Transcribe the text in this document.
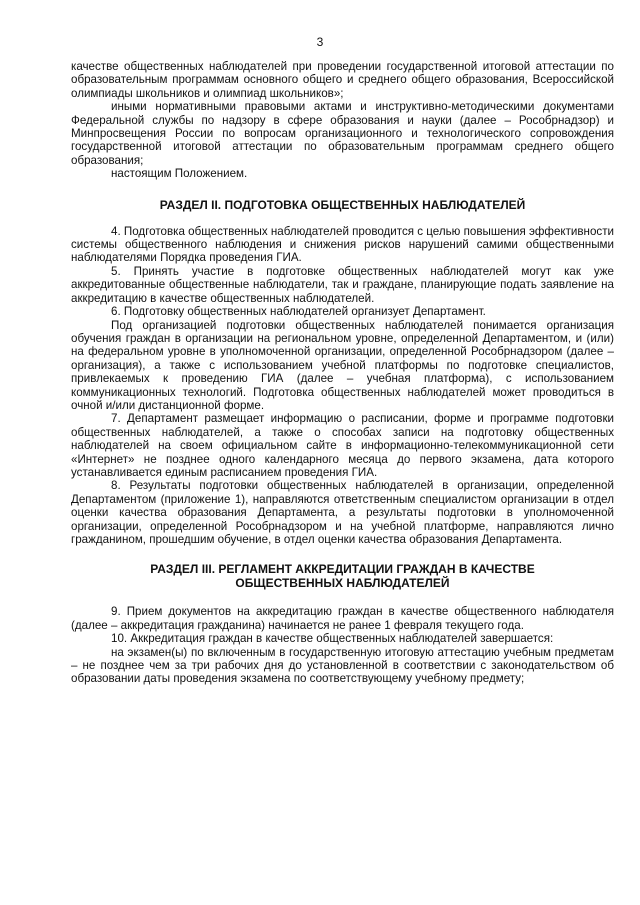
3

качестве общественных наблюдателей при проведении государственной итоговой аттестации по образовательным программам основного общего и среднего общего образования, Всероссийской олимпиады школьников и олимпиад школьников»;

иными нормативными правовыми актами и инструктивно-методическими документами Федеральной службы по надзору в сфере образования и науки (далее – Рособрнадзор) и Минпросвещения России по вопросам организационного и технологического сопровождения государственной итоговой аттестации по образовательным программам среднего общего образования;

настоящим Положением.

РАЗДЕЛ II. ПОДГОТОВКА ОБЩЕСТВЕННЫХ НАБЛЮДАТЕЛЕЙ

4. Подготовка общественных наблюдателей проводится с целью повышения эффективности системы общественного наблюдения и снижения рисков нарушений самими общественными наблюдателями Порядка проведения ГИА.

5. Принять участие в подготовке общественных наблюдателей могут как уже аккредитованные общественные наблюдатели, так и граждане, планирующие подать заявление на аккредитацию в качестве общественных наблюдателей.

6. Подготовку общественных наблюдателей организует Департамент.

Под организацией подготовки общественных наблюдателей понимается организация обучения граждан в организации на региональном уровне, определенной Департаментом, и (или) на федеральном уровне в уполномоченной организации, определенной Рособрнадзором (далее – организация), а также с использованием учебной платформы по подготовке специалистов, привлекаемых к проведению ГИА (далее – учебная платформа), с использованием коммуникационных технологий. Подготовка общественных наблюдателей может проводиться в очной и/или дистанционной форме.

7. Департамент размещает информацию о расписании, форме и программе подготовки общественных наблюдателей, а также о способах записи на подготовку общественных наблюдателей на своем официальном сайте в информационно-телекоммуникационной сети «Интернет» не позднее одного календарного месяца до первого экзамена, дата которого устанавливается единым расписанием проведения ГИА.

8. Результаты подготовки общественных наблюдателей в организации, определенной Департаментом (приложение 1), направляются ответственным специалистом организации в отдел оценки качества образования Департамента, а результаты подготовки в уполномоченной организации, определенной Рособрнадзором и на учебной платформе, направляются лично гражданином, прошедшим обучение, в отдел оценки качества образования Департамента.

РАЗДЕЛ III. РЕГЛАМЕНТ АККРЕДИТАЦИИ ГРАЖДАН В КАЧЕСТВЕ
ОБЩЕСТВЕННЫХ НАБЛЮДАТЕЛЕЙ

9. Прием документов на аккредитацию граждан в качестве общественного наблюдателя (далее – аккредитация гражданина) начинается не ранее 1 февраля текущего года.

10. Аккредитация граждан в качестве общественных наблюдателей завершается:

на экзамен(ы) по включенным в государственную итоговую аттестацию учебным предметам – не позднее чем за три рабочих дня до установленной в соответствии с законодательством об образовании даты проведения экзамена по соответствующему учебному предмету;
